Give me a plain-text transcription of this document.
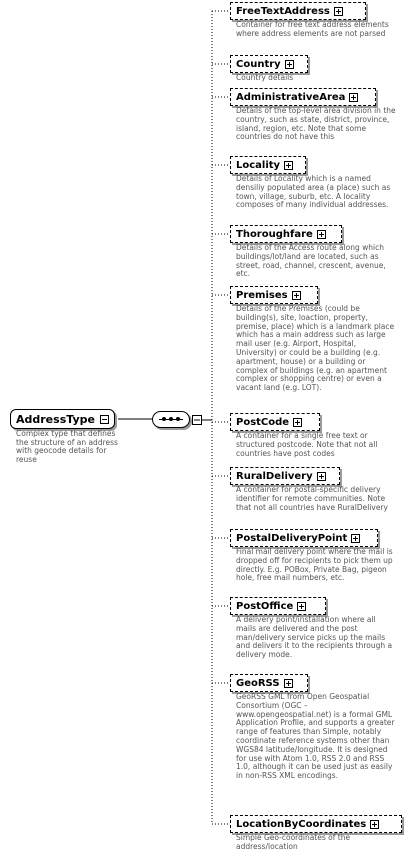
AddressType
Complex type that defines the structure of an address with geocode details for reuse
FreeTextAddress
Container for free text address elements where address elements are not parsed
Country
Country details
AdministrativeArea
Details of the top-level area division in the country, such as state, district, province, island, region, etc. Note that some countries do not have this
Locality
Details of Locality which is a named densiliy populated area (a place) such as town, village, suburb, etc. A locality composes of many individual addresses.
Thoroughfare
Details of the Access route along which buildings/lot/land are located, such as street, road, channel, crescent, avenue, etc.
Premises
Details of the Premises (could be building(s), site, loaction, property, premise, place) which is a landmark place which has a main address such as large mail user (e.g. Airport, Hospital, University) or could be a building (e.g. apartment, house) or a building or complex of buildings (e.g. an apartment complex or shopping centre) or even a vacant land (e.g. LOT).
PostCode
A container for a single free text or structured postcode. Note that not all countries have post codes
RuralDelivery
A container for postal-specific delivery identifier for remote communities. Note that not all countries have RuralDelivery
PostalDeliveryPoint
Final mail delivery point where the mail is dropped off for recipients to pick them up directly. E.g. POBox, Private Bag, pigeon hole, free mail numbers, etc.
PostOffice
A delivery point/installation where all mails are delivered and the post man/delivery service picks up the mails and delivers it to the recipients through a delivery mode.
GeoRSS
GeoRSS GML from Open Geospatial Consortium (OGC – www.opengeospatial.net) is a formal GML Application Profile, and supports a greater range of features than Simple, notably coordinate reference systems other than WGS84 latitude/longitude. It is designed for use with Atom 1.0, RSS 2.0 and RSS 1.0, although it can be used just as easily in non-RSS XML encodings.
LocationByCoordinates
Simple Geo-coordinates of the address/location
